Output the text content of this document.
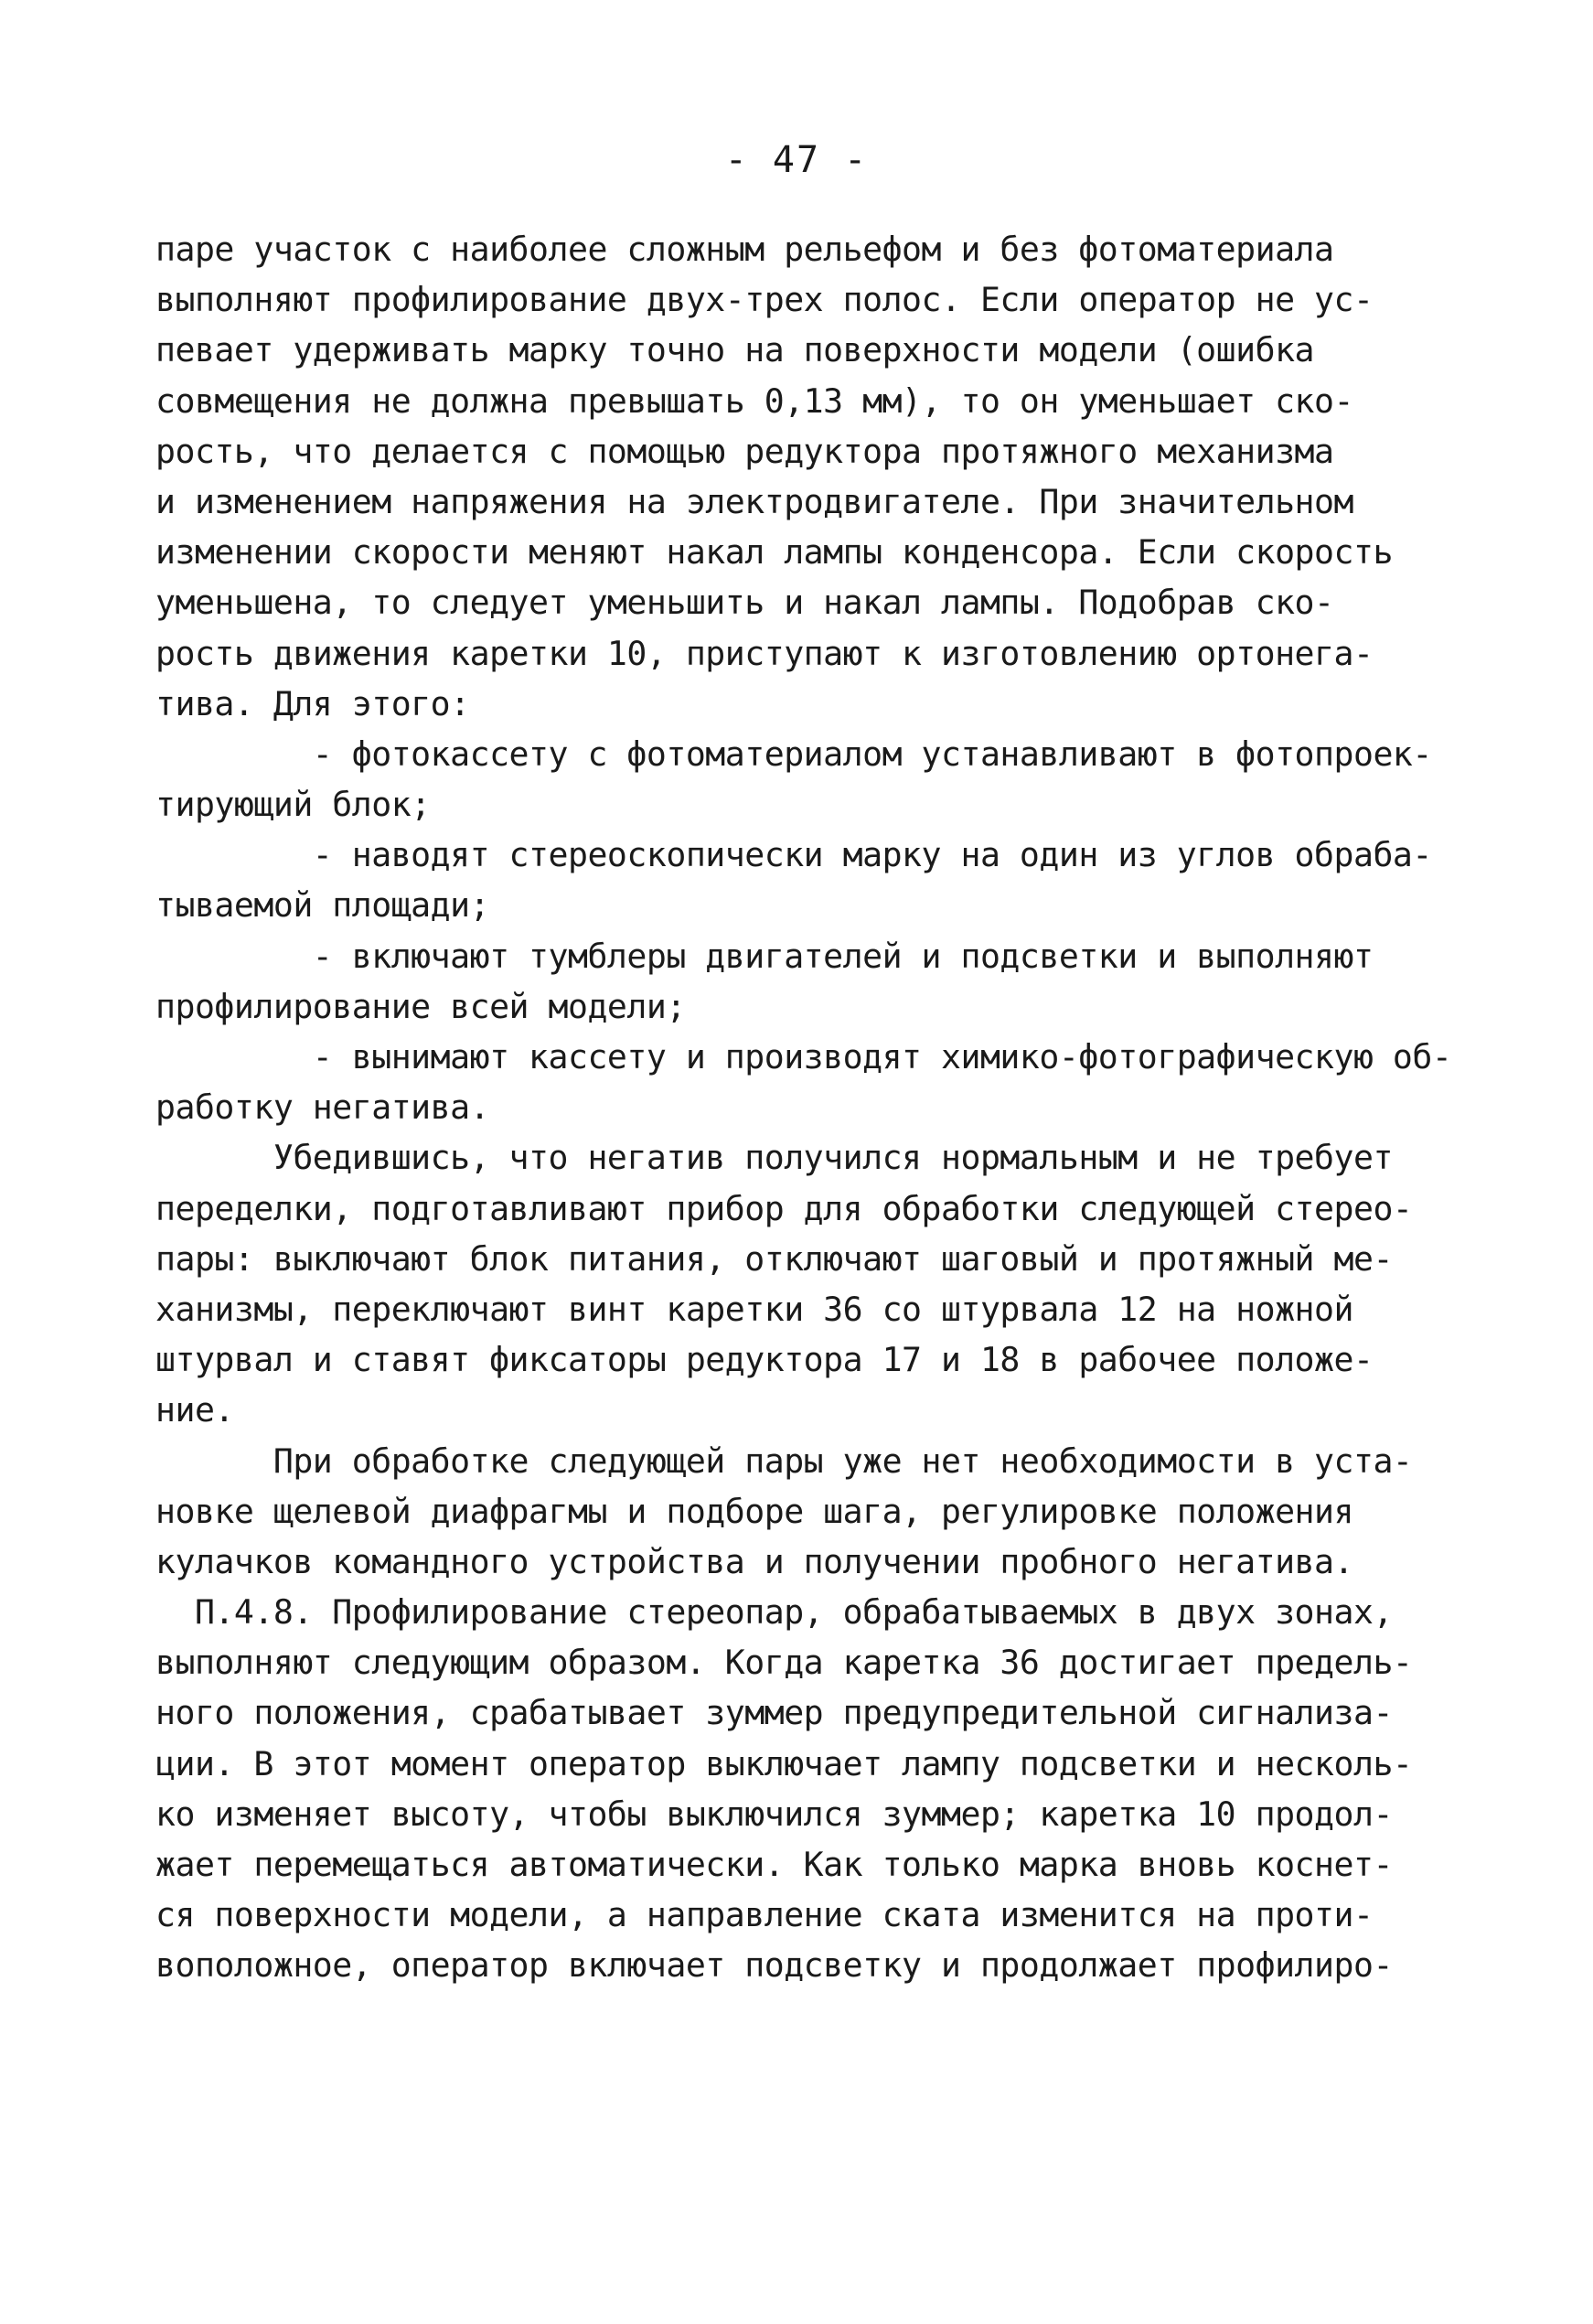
- 47 -
паре участок с наиболее сложным рельефом и без фотоматериала
выполняют профилирование двух-трех полос. Если оператор не ус-
певает удерживать марку точно на поверхности модели (ошибка
совмещения не должна превышать 0,13 мм), то он уменьшает ско-
рость, что делается с помощью редуктора протяжного механизма
и изменением напряжения на электродвигателе. При значительном
изменении скорости меняют накал лампы конденсора. Если скорость
уменьшена, то следует уменьшить и накал лампы. Подобрав ско-
рость движения каретки 10, приступают к изготовлению ортонега-
тива. Для этого:
- фотокассету с фотоматериалом устанавливают в фотопроек-
тирующий блок;
- наводят стереоскопически марку на один из углов обраба-
тываемой площади;
- включают тумблеры двигателей и подсветки и выполняют
профилирование всей модели;
- вынимают кассету и производят химико-фотографическую об-
работку негатива.
Убедившись, что негатив получился нормальным и не требует
переделки, подготавливают прибор для обработки следующей стерео-
пары: выключают блок питания, отключают шаговый и протяжный ме-
ханизмы, переключают винт каретки 36 со штурвала 12 на ножной
штурвал и ставят фиксаторы редуктора 17 и 18 в рабочее положе-
ние.
При обработке следующей пары уже нет необходимости в уста-
новке щелевой диафрагмы и подборе шага, регулировке положения
кулачков командного устройства и получении пробного негатива.
П.4.8. Профилирование стереопар, обрабатываемых в двух зонах,
выполняют следующим образом. Когда каретка 36 достигает предель-
ного положения, срабатывает зуммер предупредительной сигнализа-
ции. В этот момент оператор выключает лампу подсветки и несколь-
ко изменяет высоту, чтобы выключился зуммер; каретка 10 продол-
жает перемещаться автоматически. Как только марка вновь коснет-
ся поверхности модели, а направление ската изменится на проти-
воположное, оператор включает подсветку и продолжает профилиро-
